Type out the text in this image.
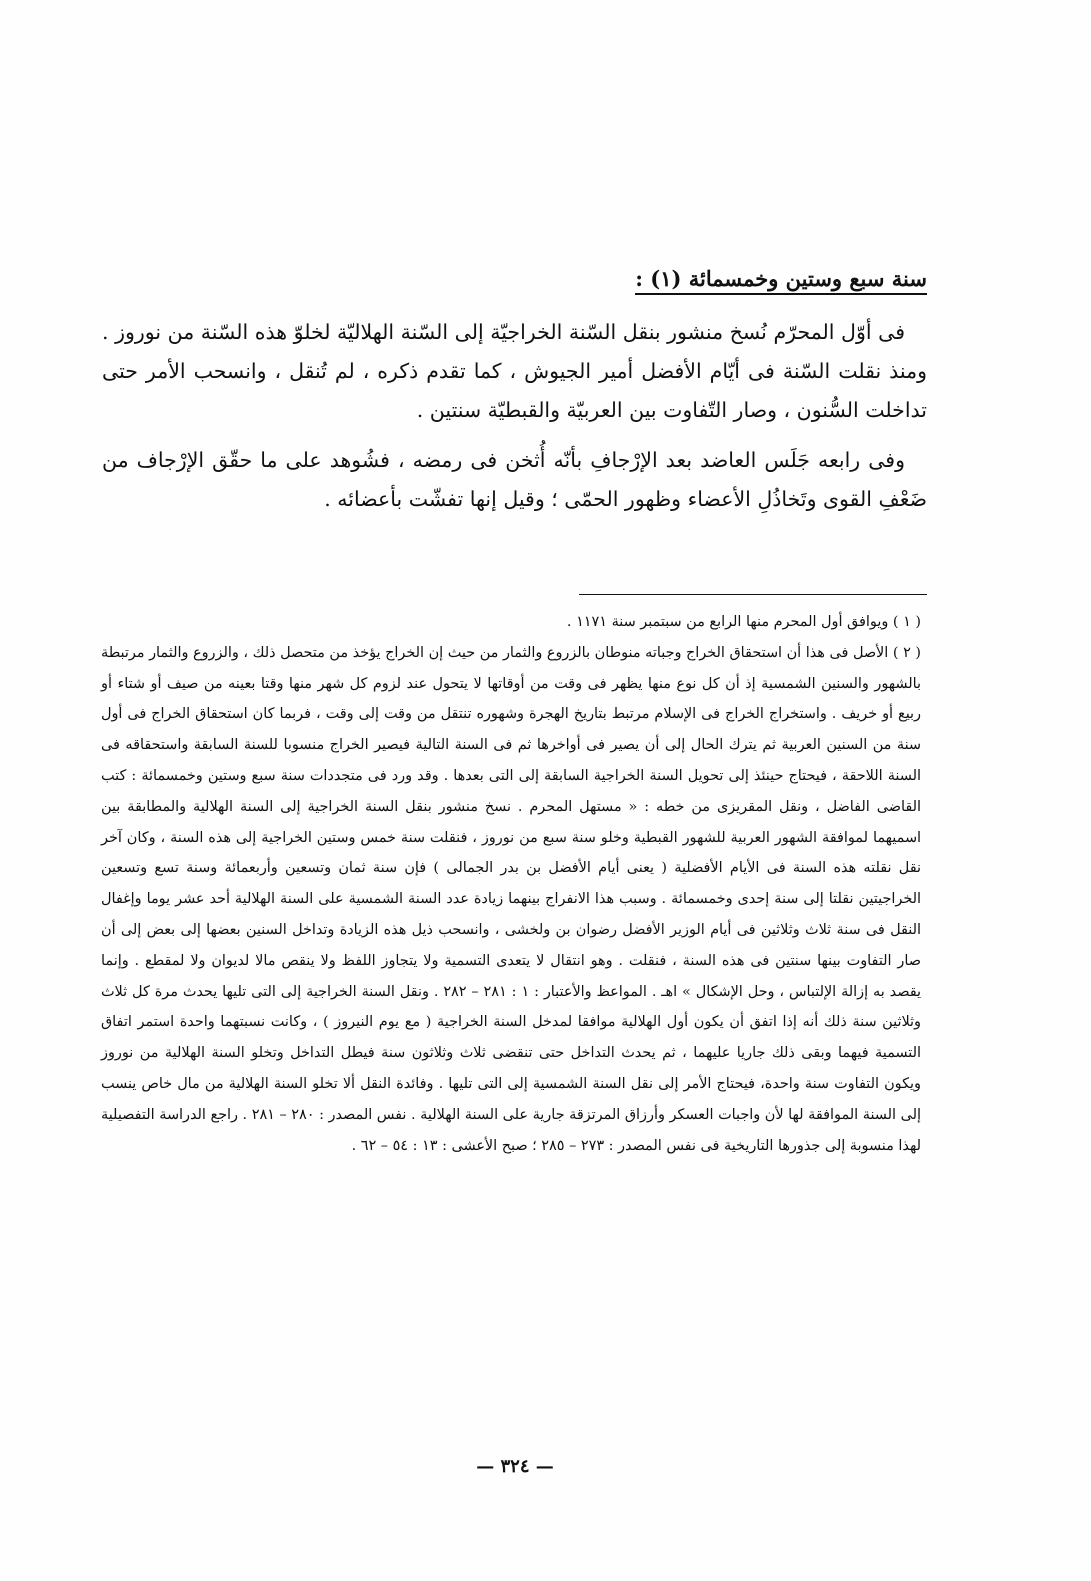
سنة سبع وستين وخمسمائة (١) :

فى أوّل المحرّم نُسخ منشور بنقل السّنة الخراجيّة إلى السّنة الهلاليّة لخلوّ هذه السّنة من نوروز . ومنذ نقلت السّنة فى أيّام الأفضل أمير الجيوش ، كما تقدم ذكره ، لم تُنقل ، وانسحب الأمر حتى تداخلت السُّنون ، وصار التّفاوت بين العربيّة والقبطيّة سنتين .

وفى رابعه جَلَس العاضد بعد الإرْجافِ بأنّه أُثخن فى رمضه ، فشُوهد على ما حقّق الإرْجاف من ضَعْفِ القوى وتَخاذُلِ الأعضاء وظهور الحمّى ؛ وقيل إنها تفشّت بأعضائه .

( ١ ) ويوافق أول المحرم منها الرابع من سبتمبر سنة ١١٧١ .

( ٢ ) الأصل فى هذا أن استحقاق الخراج وجباته منوطان بالزروع والثمار من حيث إن الخراج يؤخذ من متحصل ذلك ، والزروع والثمار مرتبطة بالشهور والسنين الشمسية إذ أن كل نوع منها يظهر فى وقت من أوقاتها لا يتحول عند لزوم كل شهر منها وقتا بعينه من صيف أو شتاء أو ربيع أو خريف . واستخراج الخراج فى الإسلام مرتبط بتاريخ الهجرة وشهوره تنتقل من وقت إلى وقت ، فربما كان استحقاق الخراج فى أول سنة من السنين العربية ثم يترك الحال إلى أن يصير فى أواخرها ثم فى السنة التالية فيصير الخراج منسوبا للسنة السابقة واستحقاقه فى السنة اللاحقة ، فيحتاج حينئذ إلى تحويل السنة الخراجية السابقة إلى التى بعدها . وقد ورد فى متجددات سنة سبع وستين وخمسمائة : كتب القاضى الفاضل ، ونقل المقريزى من خطه : « مستهل المحرم . نسخ منشور بنقل السنة الخراجية إلى السنة الهلالية والمطابقة بين اسميهما لموافقة الشهور العربية للشهور القبطية وخلو سنة سبع من نوروز ، فنقلت سنة خمس وستين الخراجية إلى هذه السنة ، وكان آخر نقل نقلته هذه السنة فى الأيام الأفضلية ( يعنى أيام الأفضل بن بدر الجمالى ) فإن سنة ثمان وتسعين وأربعمائة وسنة تسع وتسعين الخراجيتين نقلتا إلى سنة إحدى وخمسمائة . وسبب هذا الانفراج بينهما زيادة عدد السنة الشمسية على السنة الهلالية أحد عشر يوما وإغفال النقل فى سنة ثلاث وثلاثين فى أيام الوزير الأفضل رضوان بن ولخشى ، وانسحب ذيل هذه الزيادة وتداخل السنين بعضها إلى بعض إلى أن صار التفاوت بينها سنتين فى هذه السنة ، فنقلت . وهو انتقال لا يتعدى التسمية ولا يتجاوز اللفظ ولا ينقص مالا لديوان ولا لمقطع . وإنما يقصد به إزالة الإلتباس ، وحل الإشكال » اهـ . المواعظ والأعتبار : ١ : ٢٨١ – ٢٨٢ . ونقل السنة الخراجية إلى التى تليها يحدث مرة كل ثلاث وثلاثين سنة ذلك أنه إذا اتفق أن يكون أول الهلالية موافقا لمدخل السنة الخراجية ( مع يوم النيروز ) ، وكانت نسبتهما واحدة استمر اتفاق التسمية فيهما وبقى ذلك جاريا عليهما ، ثم يحدث التداخل حتى تنقضى ثلاث وثلاثون سنة فيطل التداخل وتخلو السنة الهلالية من نوروز ويكون التفاوت سنة واحدة، فيحتاج الأمر إلى نقل السنة الشمسية إلى التى تليها . وفائدة النقل ألا تخلو السنة الهلالية من مال خاص ينسب إلى السنة الموافقة لها لأن واجبات العسكر وأرزاق المرتزقة جارية على السنة الهلالية . نفس المصدر : ٢٨٠ – ٢٨١ . راجع الدراسة التفصيلية لهذا منسوبة إلى جذورها التاريخية فى نفس المصدر : ٢٧٣ – ٢٨٥ ؛ صبح الأعشى : ١٣ : ٥٤ – ٦٢ .

— ٣٢٤ —
